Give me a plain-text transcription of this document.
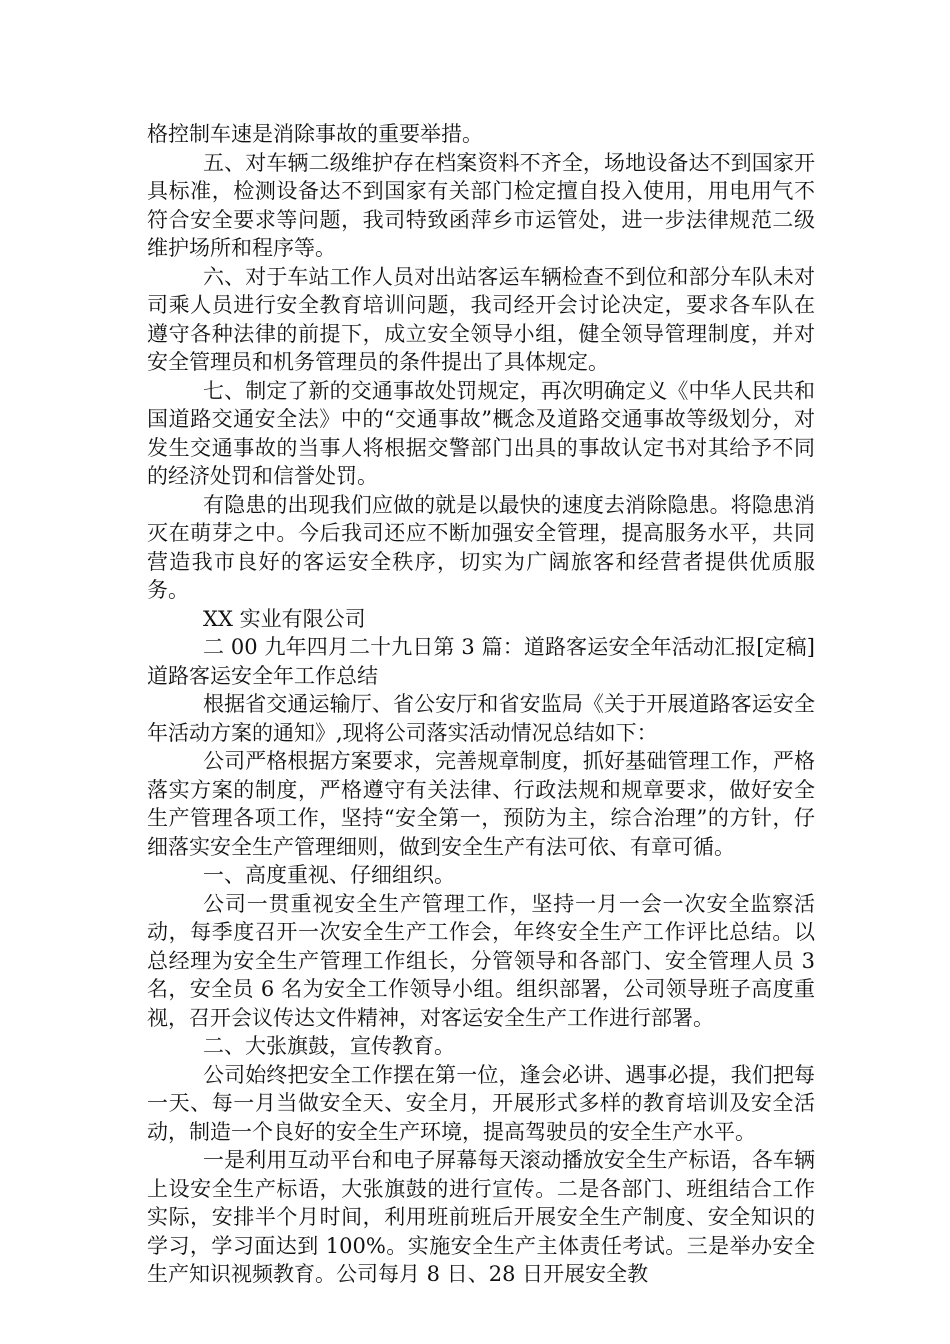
格控制车速是消除事故的重要举措。

五、对车辆二级维护存在档案资料不齐全，场地设备达不到国家开具标准，检测设备达不到国家有关部门检定擅自投入使用，用电用气不符合安全要求等问题，我司特致函萍乡市运管处，进一步法律规范二级维护场所和程序等。

六、对于车站工作人员对出站客运车辆检查不到位和部分车队未对司乘人员进行安全教育培训问题，我司经开会讨论决定，要求各车队在遵守各种法律的前提下，成立安全领导小组，健全领导管理制度，并对安全管理员和机务管理员的条件提出了具体规定。

七、制定了新的交通事故处罚规定，再次明确定义《中华人民共和国道路交通安全法》中的“交通事故”概念及道路交通事故等级划分，对发生交通事故的当事人将根据交警部门出具的事故认定书对其给予不同的经济处罚和信誉处罚。

有隐患的出现我们应做的就是以最快的速度去消除隐患。将隐患消灭在萌芽之中。今后我司还应不断加强安全管理，提高服务水平，共同营造我市良好的客运安全秩序，切实为广阔旅客和经营者提供优质服务。

XX 实业有限公司

二 00 九年四月二十九日第 3 篇：道路客运安全年活动汇报[定稿]道路客运安全年工作总结

根据省交通运输厅、省公安厅和省安监局《关于开展道路客运安全年活动方案的通知》,现将公司落实活动情况总结如下：

公司严格根据方案要求，完善规章制度，抓好基础管理工作，严格落实方案的制度，严格遵守有关法律、行政法规和规章要求，做好安全生产管理各项工作，坚持“安全第一，预防为主，综合治理”的方针，仔细落实安全生产管理细则，做到安全生产有法可依、有章可循。

一、高度重视、仔细组织。

公司一贯重视安全生产管理工作，坚持一月一会一次安全监察活动，每季度召开一次安全生产工作会，年终安全生产工作评比总结。以总经理为安全生产管理工作组长，分管领导和各部门、安全管理人员 3 名，安全员 6 名为安全工作领导小组。组织部署，公司领导班子高度重视，召开会议传达文件精神，对客运安全生产工作进行部署。

二、大张旗鼓，宣传教育。

公司始终把安全工作摆在第一位，逢会必讲、遇事必提，我们把每一天、每一月当做安全天、安全月，开展形式多样的教育培训及安全活动，制造一个良好的安全生产环境，提高驾驶员的安全生产水平。

一是利用互动平台和电子屏幕每天滚动播放安全生产标语，各车辆上设安全生产标语，大张旗鼓的进行宣传。二是各部门、班组结合工作实际，安排半个月时间，利用班前班后开展安全生产制度、安全知识的学习，学习面达到 100%。实施安全生产主体责任考试。三是举办安全生产知识视频教育。公司每月 8 日、28 日开展安全教
